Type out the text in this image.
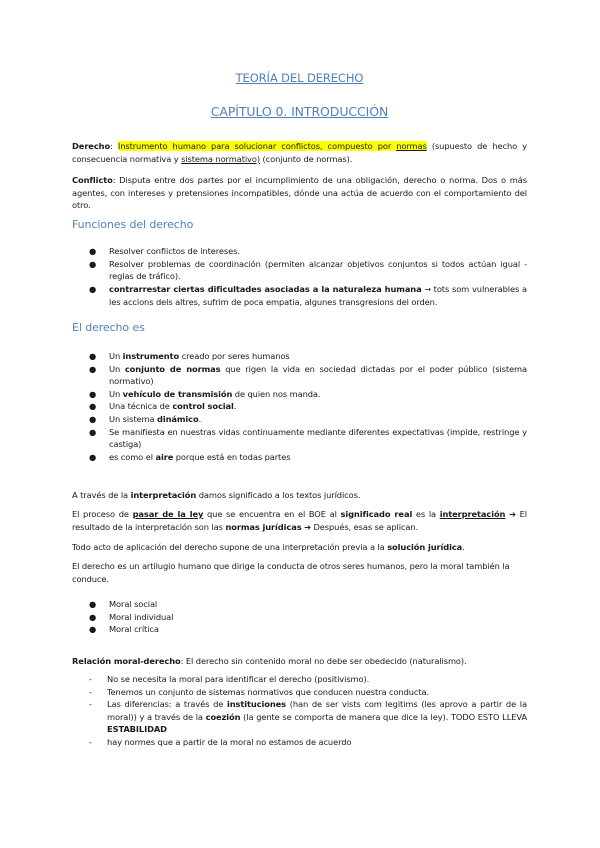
TEORÍA DEL DERECHO
CAPÍTULO 0. INTRODUCCIÓN
Derecho: Instrumento humano para solucionar conflictos, compuesto por normas (supuesto de hecho y consecuencia normativa y sistema normativo) (conjunto de normas).
Conflicto: Disputa entre dos partes por el incumplimiento de una obligación, derecho o norma. Dos o más agentes, con intereses y pretensiones incompatibles, dónde una actúa de acuerdo con el comportamiento del otro.
Funciones del derecho
●	Resolver conflictos de intereses.
●	Resolver problemas de coordinación (permiten alcanzar objetivos conjuntos si todos actúan igual - reglas de tráfico).
●	contrarrestar ciertas dificultades asociadas a la naturaleza humana → tots som vulnerables a les accions dels altres, sufrim de poca empatia, algunes transgresions del orden.
El derecho es
●	Un instrumento creado por seres humanos
●	Un conjunto de normas que rigen la vida en sociedad dictadas por el poder público (sistema normativo)
●	Un vehículo de transmisión de quien nos manda.
●	Una técnica de control social.
●	Un sistema dinámico.
●	Se manifiesta en nuestras vidas continuamente mediante diferentes expectativas (impide, restringe y castiga)
●	es como el aire porque está en todas partes
A través de la interpretación damos significado a los textos jurídicos.
El proceso de pasar de la ley que se encuentra en el BOE al significado real es la interpretación ➔ El resultado de la interpretación son las normas jurídicas ➔ Después, esas se aplican.
Todo acto de aplicación del derecho supone de una interpretación previa a la solución jurídica.
El derecho es un artilugio humano que dirige la conducta de otros seres humanos, pero la moral también la conduce.
●	Moral social
●	Moral individual
●	Moral crítica
Relación moral-derecho: El derecho sin contenido moral no debe ser obedecido (naturalismo).
- No se necesita la moral para identificar el derecho (positivismo).
- Tenemos un conjunto de sistemas normativos que conducen nuestra conducta.
- Las diferencias: a través de instituciones (han de ser vists com legitims (les aprovo a partir de la moral)) y a través de la coezión (la gente se comporta de manera que dice la ley). TODO ESTO LLEVA ESTABILIDAD
- hay normes que a partir de la moral no estamos de acuerdo
